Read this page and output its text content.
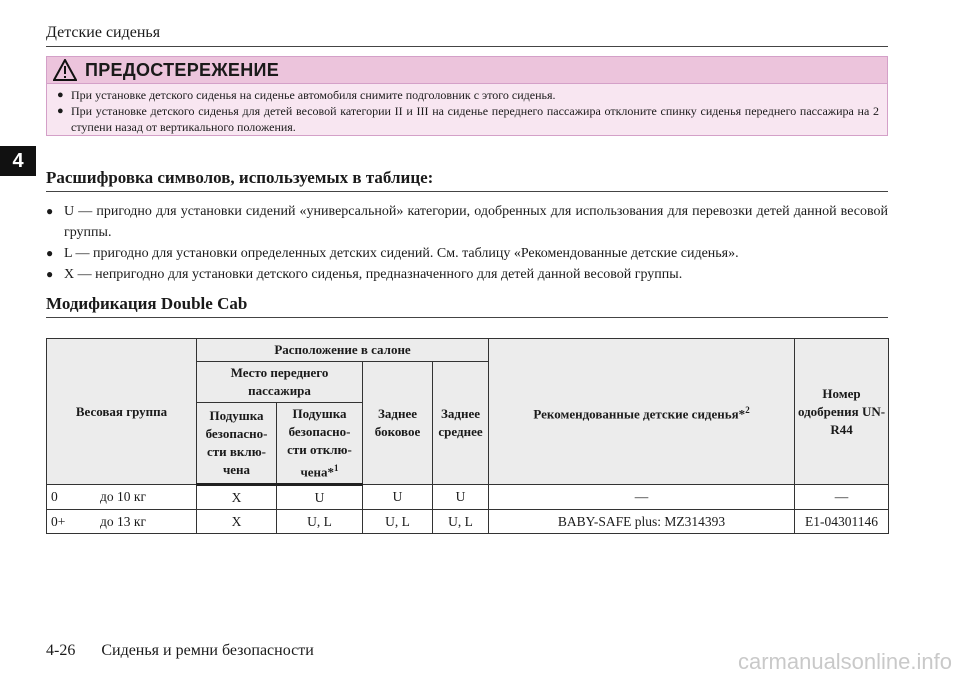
Детские сиденья
4
ПРЕДОСТЕРЕЖЕНИЕ
● При установке детского сиденья на сиденье автомобиля снимите подголовник с этого сиденья.
● При установке детского сиденья для детей весовой категории II и III на сиденье переднего пассажира отклоните спинку сиденья переднего пассажира на 2 ступени назад от вертикального положения.
Расшифровка символов, используемых в таблице:
● U — пригодно для установки сидений «универсальной» категории, одобренных для использования для перевозки детей данной весовой группы.
● L — пригодно для установки определенных детских сидений. См. таблицу «Рекомендованные детские сиденья».
● X — непригодно для установки детского сиденья, предназначенного для детей данной весовой группы.
Модификация Double Cab
Весовая группа	Расположение в салоне				Рекомендованные детские сиденья*$^2$	Номер одобрения UN-R44
	Место переднего пассажира		Заднее боковое	Заднее среднее		
	Подушка безопасно-сти вклю-чена	Подушка безопасно-сти отклю-чена*$^1$

0 до 10 кг	X	U	U	U	—	—

0+ до 13 кг	X	U, L	U, L	U, L	BABY-SAFE plus: MZ314393	E1-04301146
4-26 Сиденья и ремни безопасности	carmanualsonline.info
